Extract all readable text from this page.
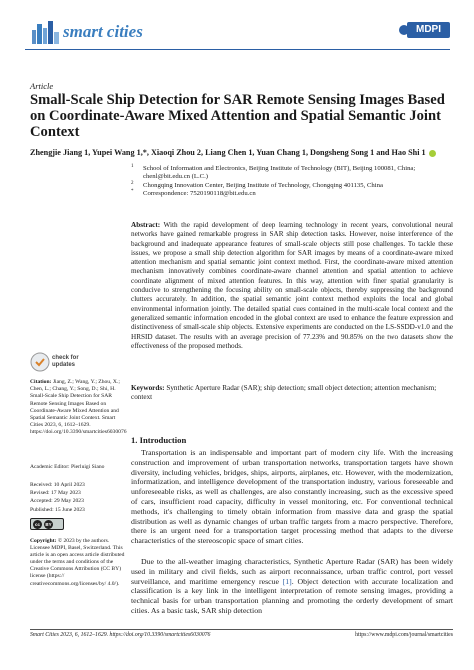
smart cities	MDPI
Article
Small-Scale Ship Detection for SAR Remote Sensing Images Based on Coordinate-Aware Mixed Attention and Spatial Semantic Joint Context
Zhengjie Jiang 1, Yupei Wang 1,*, Xiaoqi Zhou 2, Liang Chen 1, Yuan Chang 1, Dongsheng Song 1 and Hao Shi 1
1 School of Information and Electronics, Beijing Institute of Technology (BIT), Beijing 100081, China; chenl@bit.edu.cn (L.C.)
2 Chongqing Innovation Center, Beijing Institute of Technology, Chongqing 401135, China
* Correspondence: 7520190118@bit.edu.cn
Abstract: With the rapid development of deep learning technology in recent years, convolutional neural networks have gained remarkable progress in SAR ship detection tasks. However, noise interference of the background and inadequate appearance features of small-scale objects still pose challenges. To tackle these issues, we propose a small ship detection algorithm for SAR images by means of a coordinate-aware mixed attention mechanism and spatial semantic joint context method. First, the coordinate-aware mixed attention mechanism innovatively combines coordinate-aware channel attention and spatial attention to achieve coordinate alignment of mixed attention features. In this way, attention with finer spatial granularity is conducive to strengthening the focusing ability on small-scale objects, thereby suppressing the background clutters accurately. In addition, the spatial semantic joint context method exploits the local and global environmental information jointly. The detailed spatial cues contained in the multi-scale local context and the generalized semantic information encoded in the global context are used to enhance the feature expression and distinctiveness of small-scale ship objects. Extensive experiments are conducted on the LS-SSDD-v1.0 and the HRSID dataset. The results with an average precision of 77.23% and 90.85% on the two datasets show the effectiveness of the proposed methods.
Keywords: Synthetic Aperture Radar (SAR); ship detection; small object detection; attention mechanism; context
check for
updates
Citation: Jiang, Z.; Wang, Y.; Zhou, X.; Chen, L.; Chang, Y.; Song, D.; Shi, H. Small-Scale Ship Detection for SAR Remote Sensing Images Based on Coordinate-Aware Mixed Attention and Spatial Semantic Joint Context. Smart Cities 2023, 6, 1612–1629. https://doi.org/10.3390/smartcities6030076
Academic Editor: Pierluigi Siano
Received: 10 April 2023
Revised: 17 May 2023
Accepted: 29 May 2023
Published: 15 June 2023
cc	BY
Copyright: © 2023 by the authors. Licensee MDPI, Basel, Switzerland. This article is an open access article distributed under the terms and conditions of the Creative Commons Attribution (CC BY) license (https:// creativecommons.org/licenses/by/ 4.0/).
1. Introduction

Transportation is an indispensable and important part of modern city life. With the increasing construction and improvement of urban transportation networks, transportation targets have shown diversity, including vehicles, bridges, ships, airports, airplanes, etc. However, with the modernization, informatization, and intelligence development of the transportation industry, various foreseeable and unforeseeable risks, as well as challenges, are also constantly increasing, such as the excessive speed of cars, insufficient road capacity, difficulty in vessel monitoring, etc. For conventional technical methods, it's challenging to timely obtain information from massive data and grasp the spatial distribution as well as dynamic changes of urban traffic targets from a macro perspective. Therefore, there is an urgent need for a transportation target processing method that adapts to the diverse characteristics of the stereoscopic space of smart cities.

Due to the all-weather imaging characteristics, Synthetic Aperture Radar (SAR) has been widely used in military and civil fields, such as airport reconnaissance, urban traffic control, port vessel surveillance, and maritime emergency rescue [1]. Object detection with accurate localization and classification is a key link in the intelligent interpretation of remote sensing images, providing a technical basis for urban transportation planning and promoting the orderly development of smart cities. As a basic task, SAR ship detection

Smart Cities 2023, 6, 1612–1629. https://doi.org/10.3390/smartcities6030076	https://www.mdpi.com/journal/smartcities
